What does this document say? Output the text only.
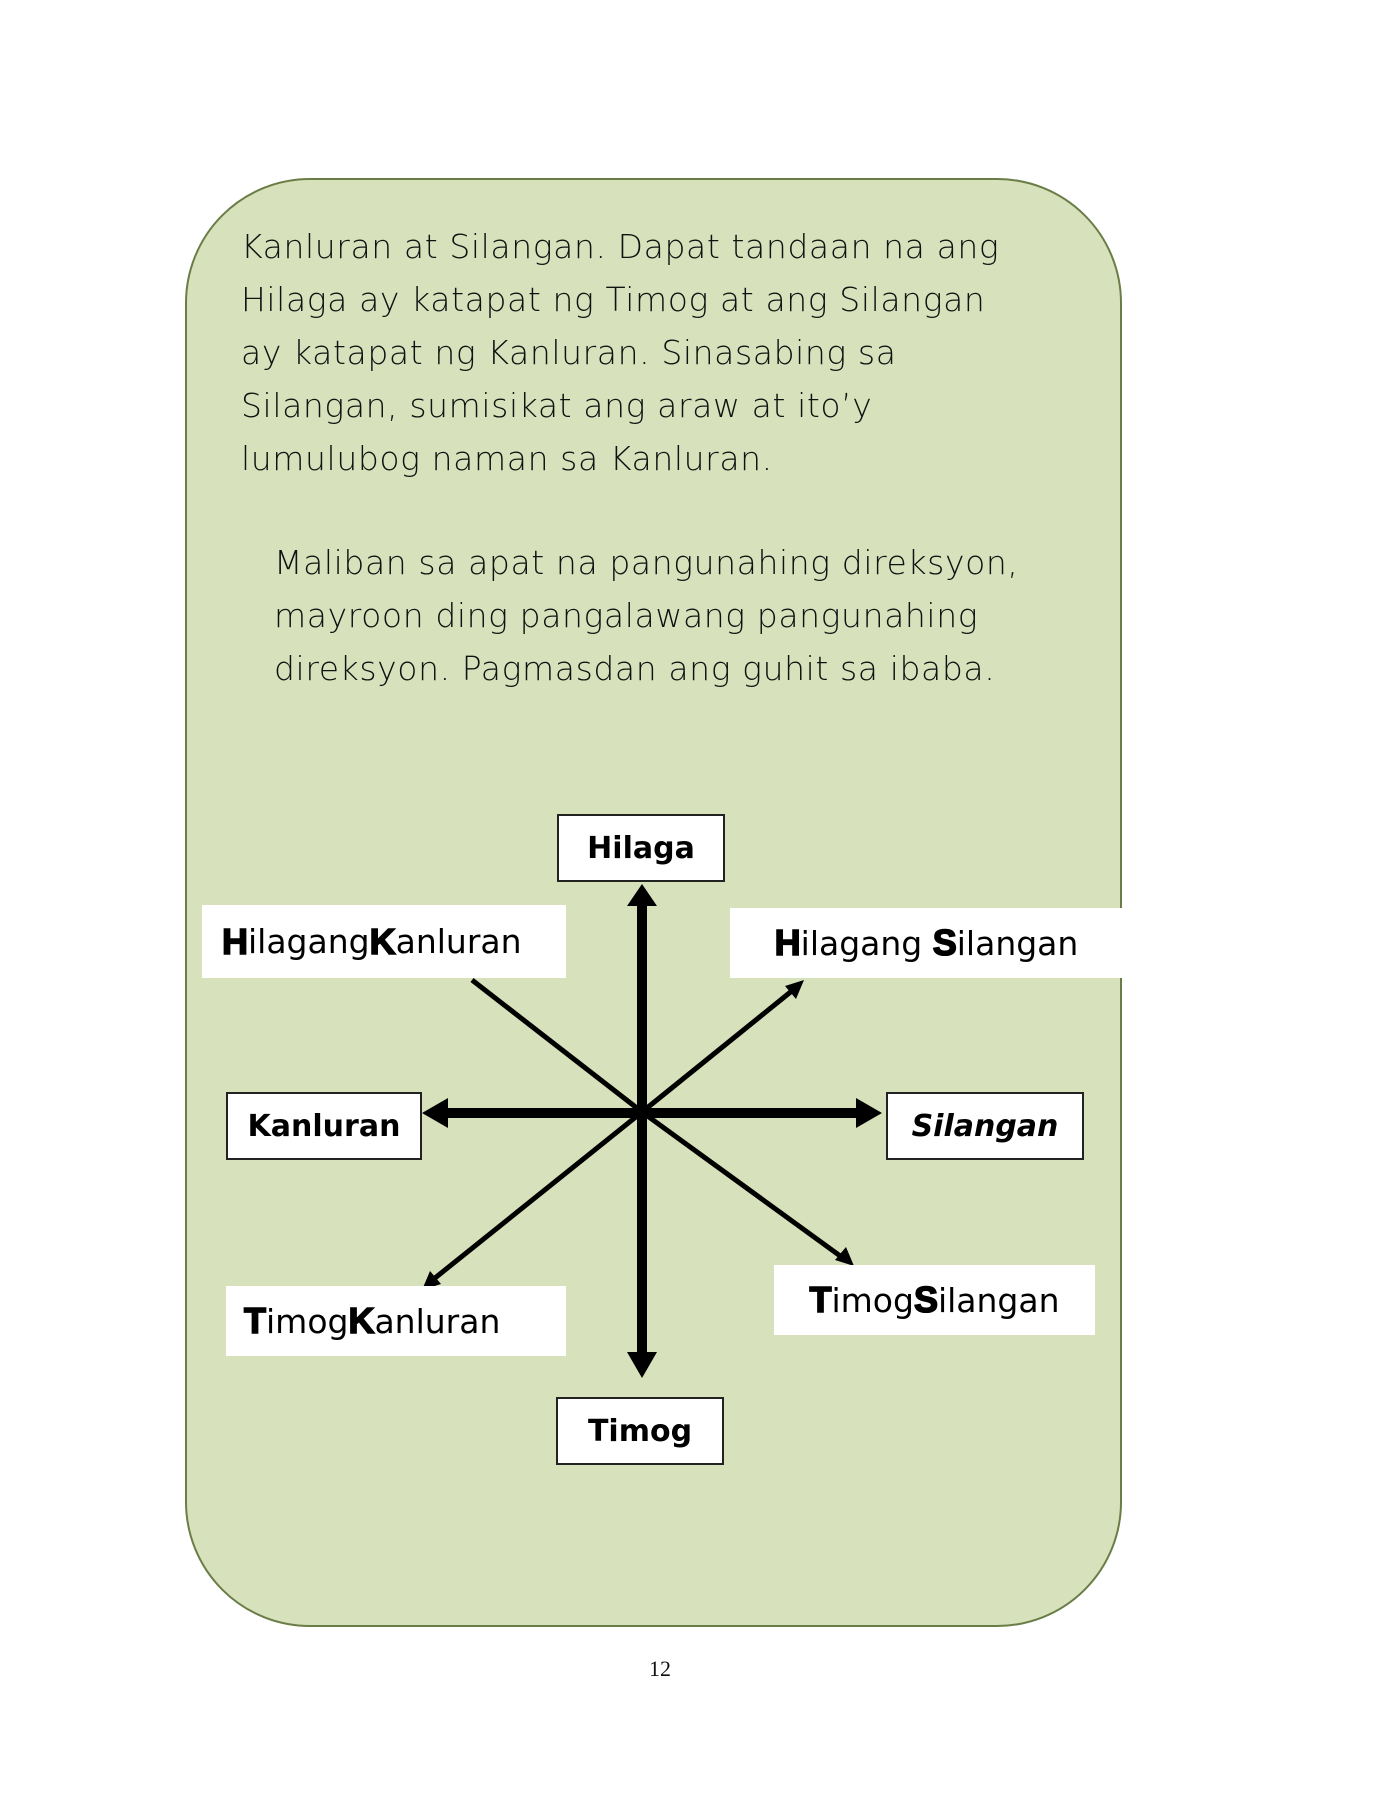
Kanluran at Silangan. Dapat tandaan na ang
Hilaga ay katapat ng Timog at ang Silangan
ay katapat ng Kanluran. Sinasabing sa
Silangan, sumisikat ang araw at ito’y
lumulubog naman sa Kanluran.

Maliban sa apat na pangunahing direksyon,
mayroon ding pangalawang pangunahing
direksyon. Pagmasdan ang guhit sa ibaba.

Hilaga
Timog
Kanluran	Silangan
H ilagang K anluran	H ilagang S ilangan
T imog K anluran
T imog S ilangan
12
